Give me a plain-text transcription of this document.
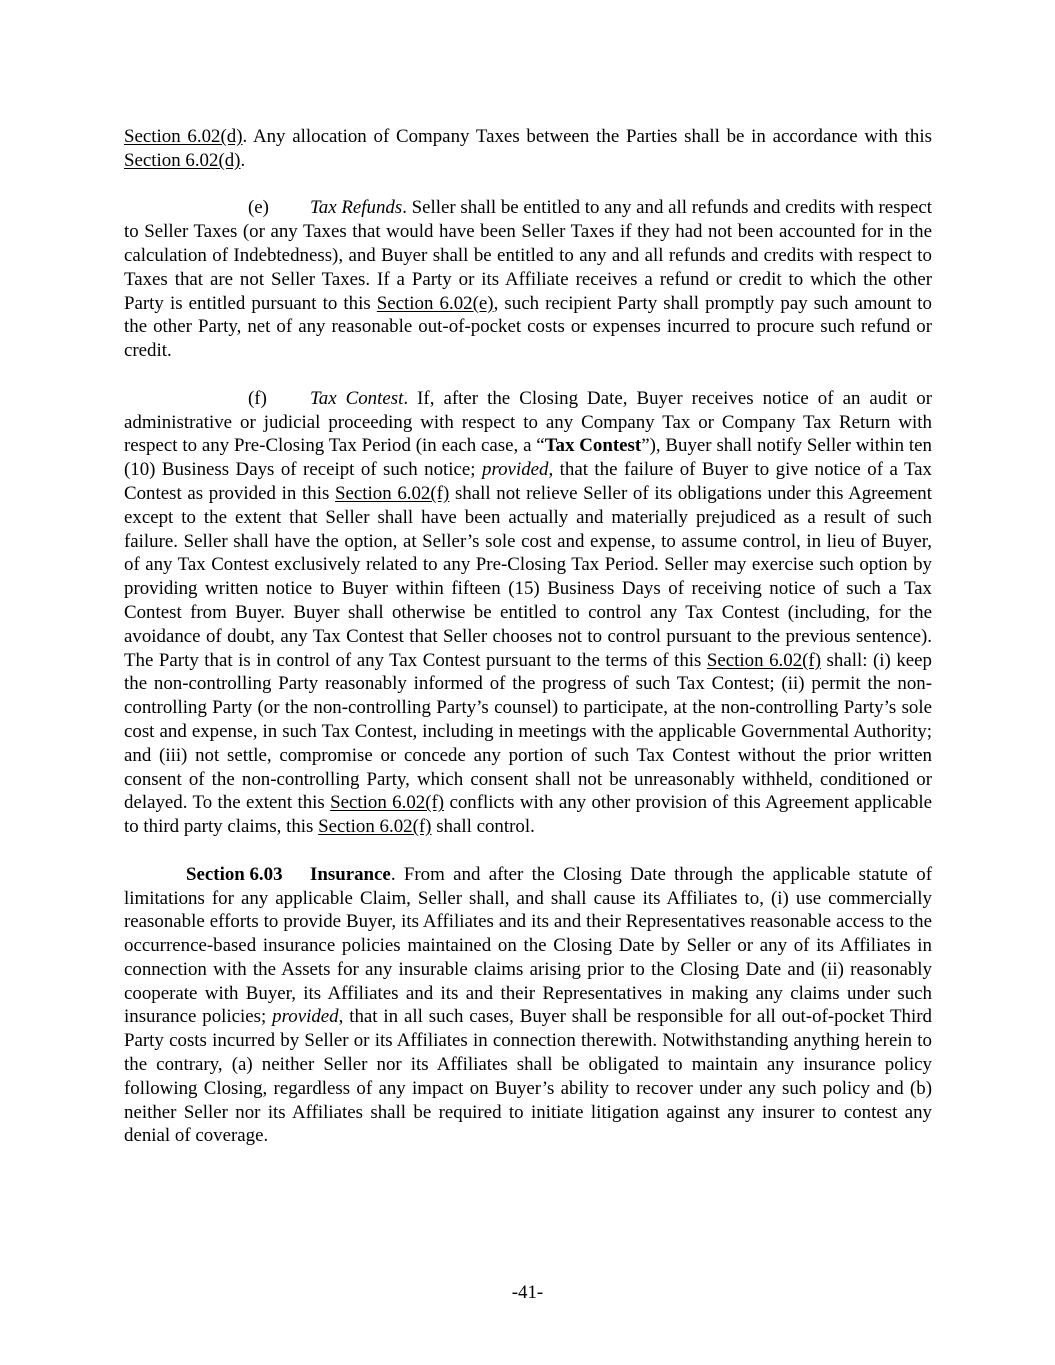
Section 6.02(d). Any allocation of Company Taxes between the Parties shall be in accordance with this Section 6.02(d).

(e) Tax Refunds. Seller shall be entitled to any and all refunds and credits with respect to Seller Taxes (or any Taxes that would have been Seller Taxes if they had not been accounted for in the calculation of Indebtedness), and Buyer shall be entitled to any and all refunds and credits with respect to Taxes that are not Seller Taxes. If a Party or its Affiliate receives a refund or credit to which the other Party is entitled pursuant to this Section 6.02(e), such recipient Party shall promptly pay such amount to the other Party, net of any reasonable out-of-pocket costs or expenses incurred to procure such refund or credit.

(f) Tax Contest. If, after the Closing Date, Buyer receives notice of an audit or administrative or judicial proceeding with respect to any Company Tax or Company Tax Return with respect to any Pre-Closing Tax Period (in each case, a “Tax Contest”), Buyer shall notify Seller within ten (10) Business Days of receipt of such notice; provided, that the failure of Buyer to give notice of a Tax Contest as provided in this Section 6.02(f) shall not relieve Seller of its obligations under this Agreement except to the extent that Seller shall have been actually and materially prejudiced as a result of such failure. Seller shall have the option, at Seller’s sole cost and expense, to assume control, in lieu of Buyer, of any Tax Contest exclusively related to any Pre-Closing Tax Period. Seller may exercise such option by providing written notice to Buyer within fifteen (15) Business Days of receiving notice of such a Tax Contest from Buyer. Buyer shall otherwise be entitled to control any Tax Contest (including, for the avoidance of doubt, any Tax Contest that Seller chooses not to control pursuant to the previous sentence). The Party that is in control of any Tax Contest pursuant to the terms of this Section 6.02(f) shall: (i) keep the non-controlling Party reasonably informed of the progress of such Tax Contest; (ii) permit the non-controlling Party (or the non-controlling Party’s counsel) to participate, at the non-controlling Party’s sole cost and expense, in such Tax Contest, including in meetings with the applicable Governmental Authority; and (iii) not settle, compromise or concede any portion of such Tax Contest without the prior written consent of the non-controlling Party, which consent shall not be unreasonably withheld, conditioned or delayed. To the extent this Section 6.02(f) conflicts with any other provision of this Agreement applicable to third party claims, this Section 6.02(f) shall control.

Section 6.03 Insurance. From and after the Closing Date through the applicable statute of limitations for any applicable Claim, Seller shall, and shall cause its Affiliates to, (i) use commercially reasonable efforts to provide Buyer, its Affiliates and its and their Representatives reasonable access to the occurrence-based insurance policies maintained on the Closing Date by Seller or any of its Affiliates in connection with the Assets for any insurable claims arising prior to the Closing Date and (ii) reasonably cooperate with Buyer, its Affiliates and its and their Representatives in making any claims under such insurance policies; provided, that in all such cases, Buyer shall be responsible for all out-of-pocket Third Party costs incurred by Seller or its Affiliates in connection therewith. Notwithstanding anything herein to the contrary, (a) neither Seller nor its Affiliates shall be obligated to maintain any insurance policy following Closing, regardless of any impact on Buyer’s ability to recover under any such policy and (b) neither Seller nor its Affiliates shall be required to initiate litigation against any insurer to contest any denial of coverage.

-41-
